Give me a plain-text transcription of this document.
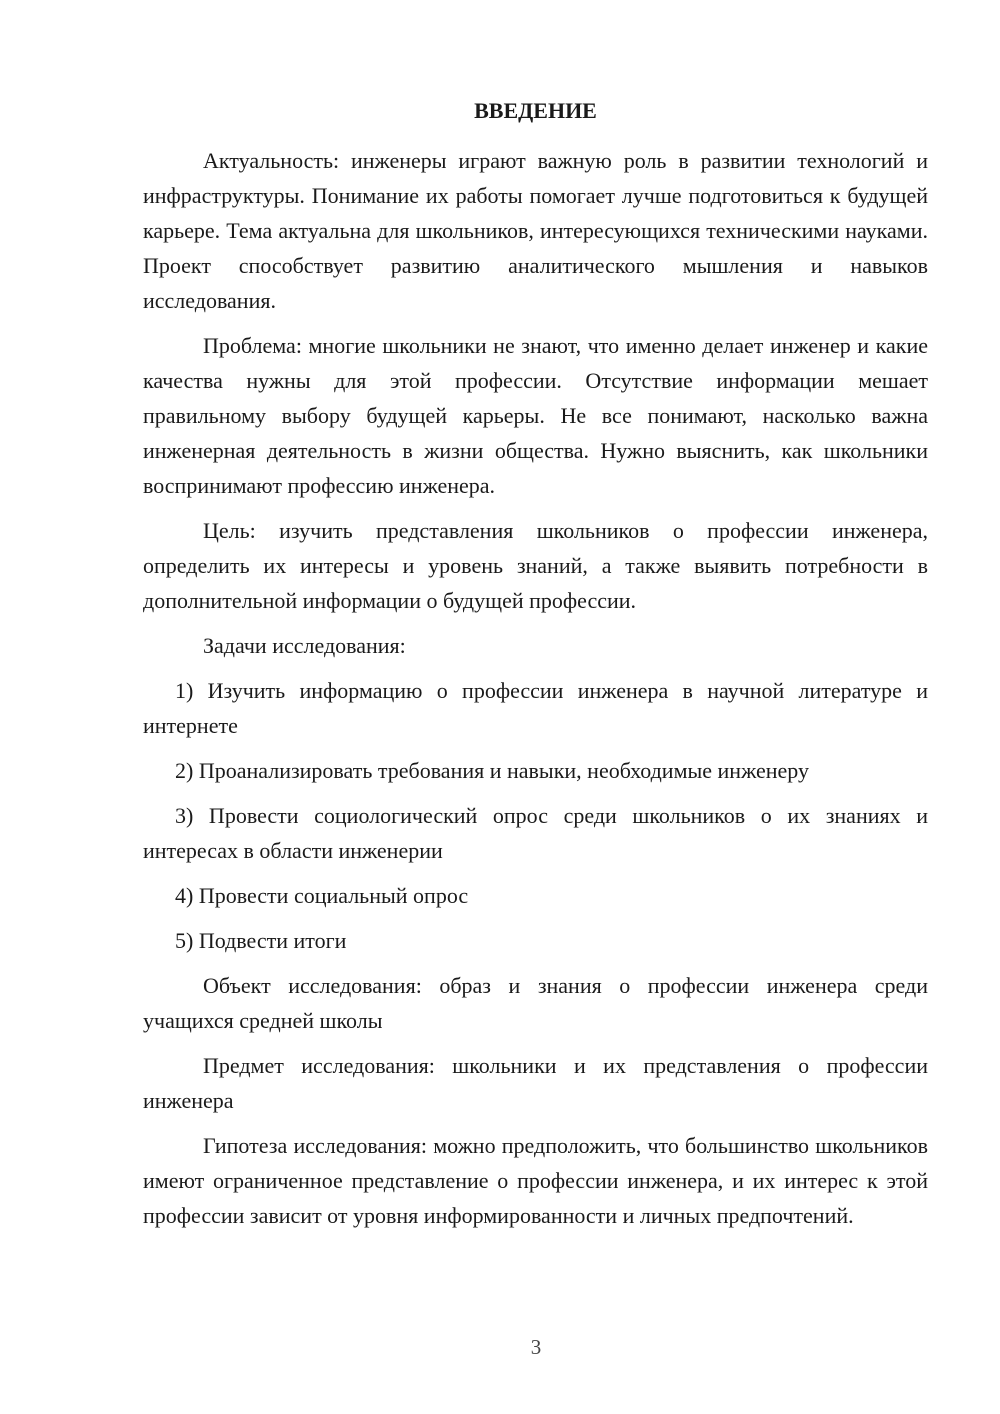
ВВЕДЕНИЕ

Актуальность: инженеры играют важную роль в развитии технологий и инфраструктуры. Понимание их работы помогает лучше подготовиться к будущей карьере. Тема актуальна для школьников, интересующихся техническими науками. Проект способствует развитию аналитического мышления и навыков исследования.

Проблема: многие школьники не знают, что именно делает инженер и какие качества нужны для этой профессии. Отсутствие информации мешает правильному выбору будущей карьеры. Не все понимают, насколько важна инженерная деятельность в жизни общества. Нужно выяснить, как школьники воспринимают профессию инженера.

Цель: изучить представления школьников о профессии инженера, определить их интересы и уровень знаний, а также выявить потребности в дополнительной информации о будущей профессии.

Задачи исследования:

1) Изучить информацию о профессии инженера в научной литературе и интернете

2) Проанализировать требования и навыки, необходимые инженеру

3) Провести социологический опрос среди школьников о их знаниях и интересах в области инженерии

4) Провести социальный опрос

5) Подвести итоги

Объект исследования: образ и знания о профессии инженера среди учащихся средней школы

Предмет исследования: школьники и их представления о профессии инженера

Гипотеза исследования: можно предположить, что большинство школьников имеют ограниченное представление о профессии инженера, и их интерес к этой профессии зависит от уровня информированности и личных предпочтений.

3
